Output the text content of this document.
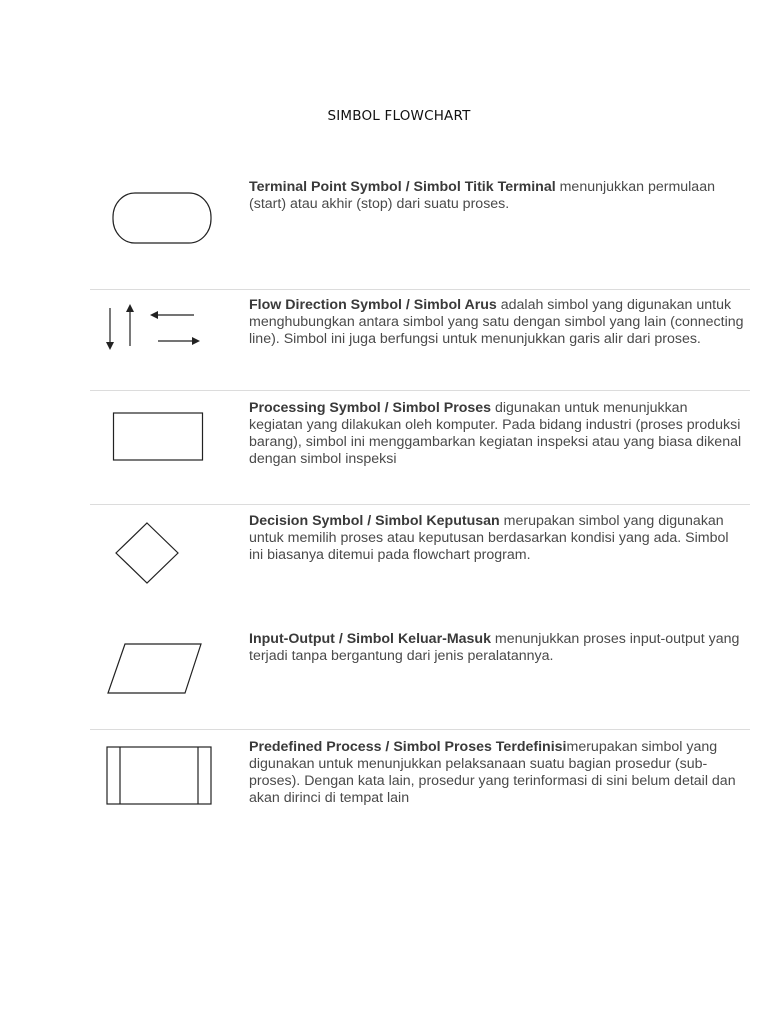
SIMBOL FLOWCHART
Terminal Point Symbol / Simbol Titik Terminal menunjukkan permulaan (start) atau akhir (stop) dari suatu proses.
Flow Direction Symbol / Simbol Arus adalah simbol yang digunakan untuk menghubungkan antara simbol yang satu dengan simbol yang lain (connecting line). Simbol ini juga berfungsi untuk menunjukkan garis alir dari proses.
Processing Symbol / Simbol Proses digunakan untuk menunjukkan kegiatan yang dilakukan oleh komputer. Pada bidang industri (proses produksi barang), simbol ini menggambarkan kegiatan inspeksi atau yang biasa dikenal dengan simbol inspeksi
Decision Symbol / Simbol Keputusan merupakan simbol yang digunakan untuk memilih proses atau keputusan berdasarkan kondisi yang ada. Simbol ini biasanya ditemui pada flowchart program.
Input-Output / Simbol Keluar-Masuk menunjukkan proses input-output yang terjadi tanpa bergantung dari jenis peralatannya.
Predefined Process / Simbol Proses Terdefinisimerupakan simbol yang digunakan untuk menunjukkan pelaksanaan suatu bagian prosedur (sub-proses). Dengan kata lain, prosedur yang terinformasi di sini belum detail dan akan dirinci di tempat lain
